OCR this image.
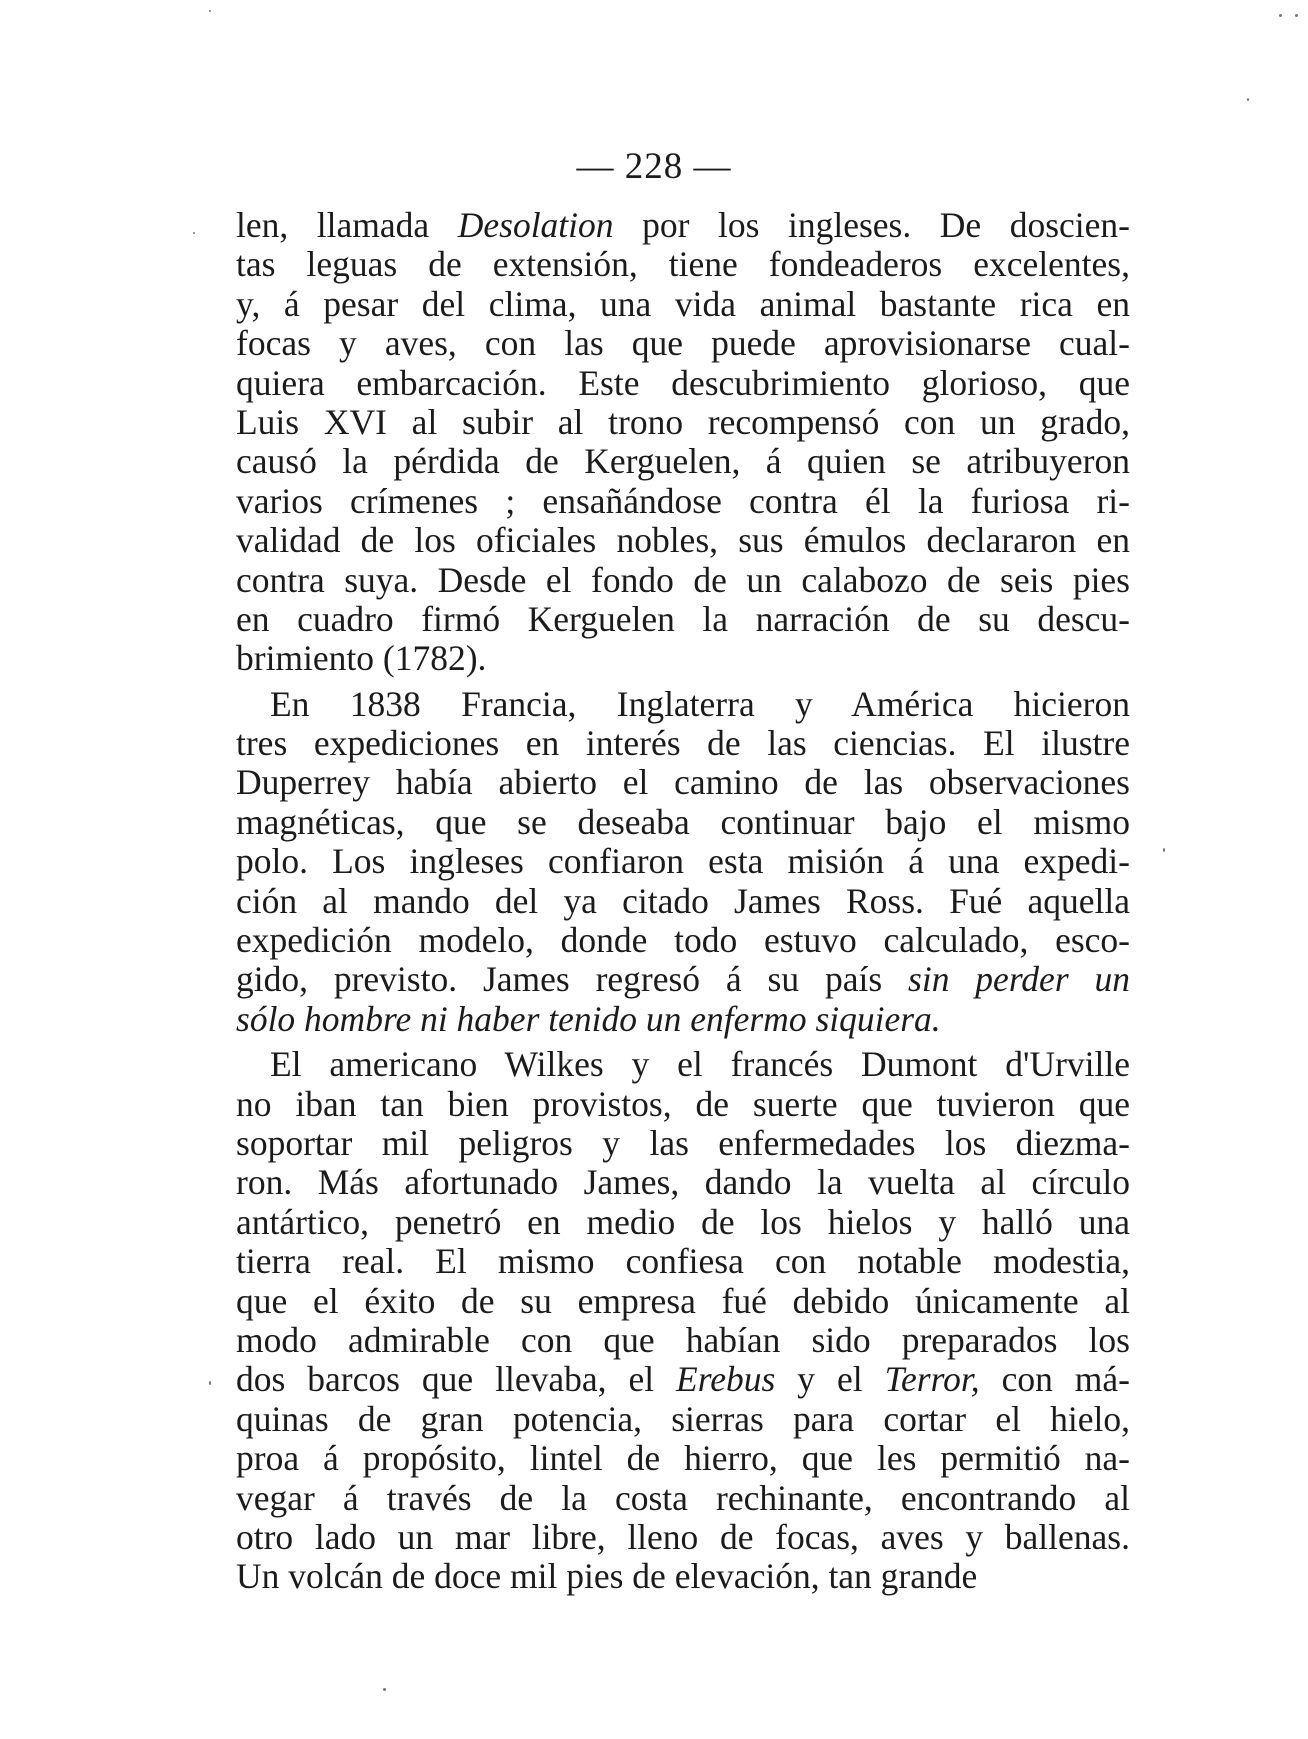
— 228 —
len, llamada Desolation por los ingleses. De doscien-
tas leguas de extensión, tiene fondeaderos excelentes,
y, á pesar del clima, una vida animal bastante rica en
focas y aves, con las que puede aprovisionarse cual-
quiera embarcación. Este descubrimiento glorioso, que
Luis XVI al subir al trono recompensó con un grado,
causó la pérdida de Kerguelen, á quien se atribuyeron
varios crímenes ; ensañándose contra él la furiosa ri-
validad de los oficiales nobles, sus émulos declararon en
contra suya. Desde el fondo de un calabozo de seis pies
en cuadro firmó Kerguelen la narración de su descu-
brimiento (1782).
En 1838 Francia, Inglaterra y América hicieron
tres expediciones en interés de las ciencias. El ilustre
Duperrey había abierto el camino de las observaciones
magnéticas, que se deseaba continuar bajo el mismo
polo. Los ingleses confiaron esta misión á una expedi-
ción al mando del ya citado James Ross. Fué aquella
expedición modelo, donde todo estuvo calculado, esco-
gido, previsto. James regresó á su país sin perder un
sólo hombre ni haber tenido un enfermo siquiera.
El americano Wilkes y el francés Dumont d'Urville
no iban tan bien provistos, de suerte que tuvieron que
soportar mil peligros y las enfermedades los diezma-
ron. Más afortunado James, dando la vuelta al círculo
antártico, penetró en medio de los hielos y halló una
tierra real. El mismo confiesa con notable modestia,
que el éxito de su empresa fué debido únicamente al
modo admirable con que habían sido preparados los
dos barcos que llevaba, el Erebus y el Terror, con má-
quinas de gran potencia, sierras para cortar el hielo,
proa á propósito, lintel de hierro, que les permitió na-
vegar á través de la costa rechinante, encontrando al
otro lado un mar libre, lleno de focas, aves y ballenas.
Un volcán de doce mil pies de elevación, tan grande
